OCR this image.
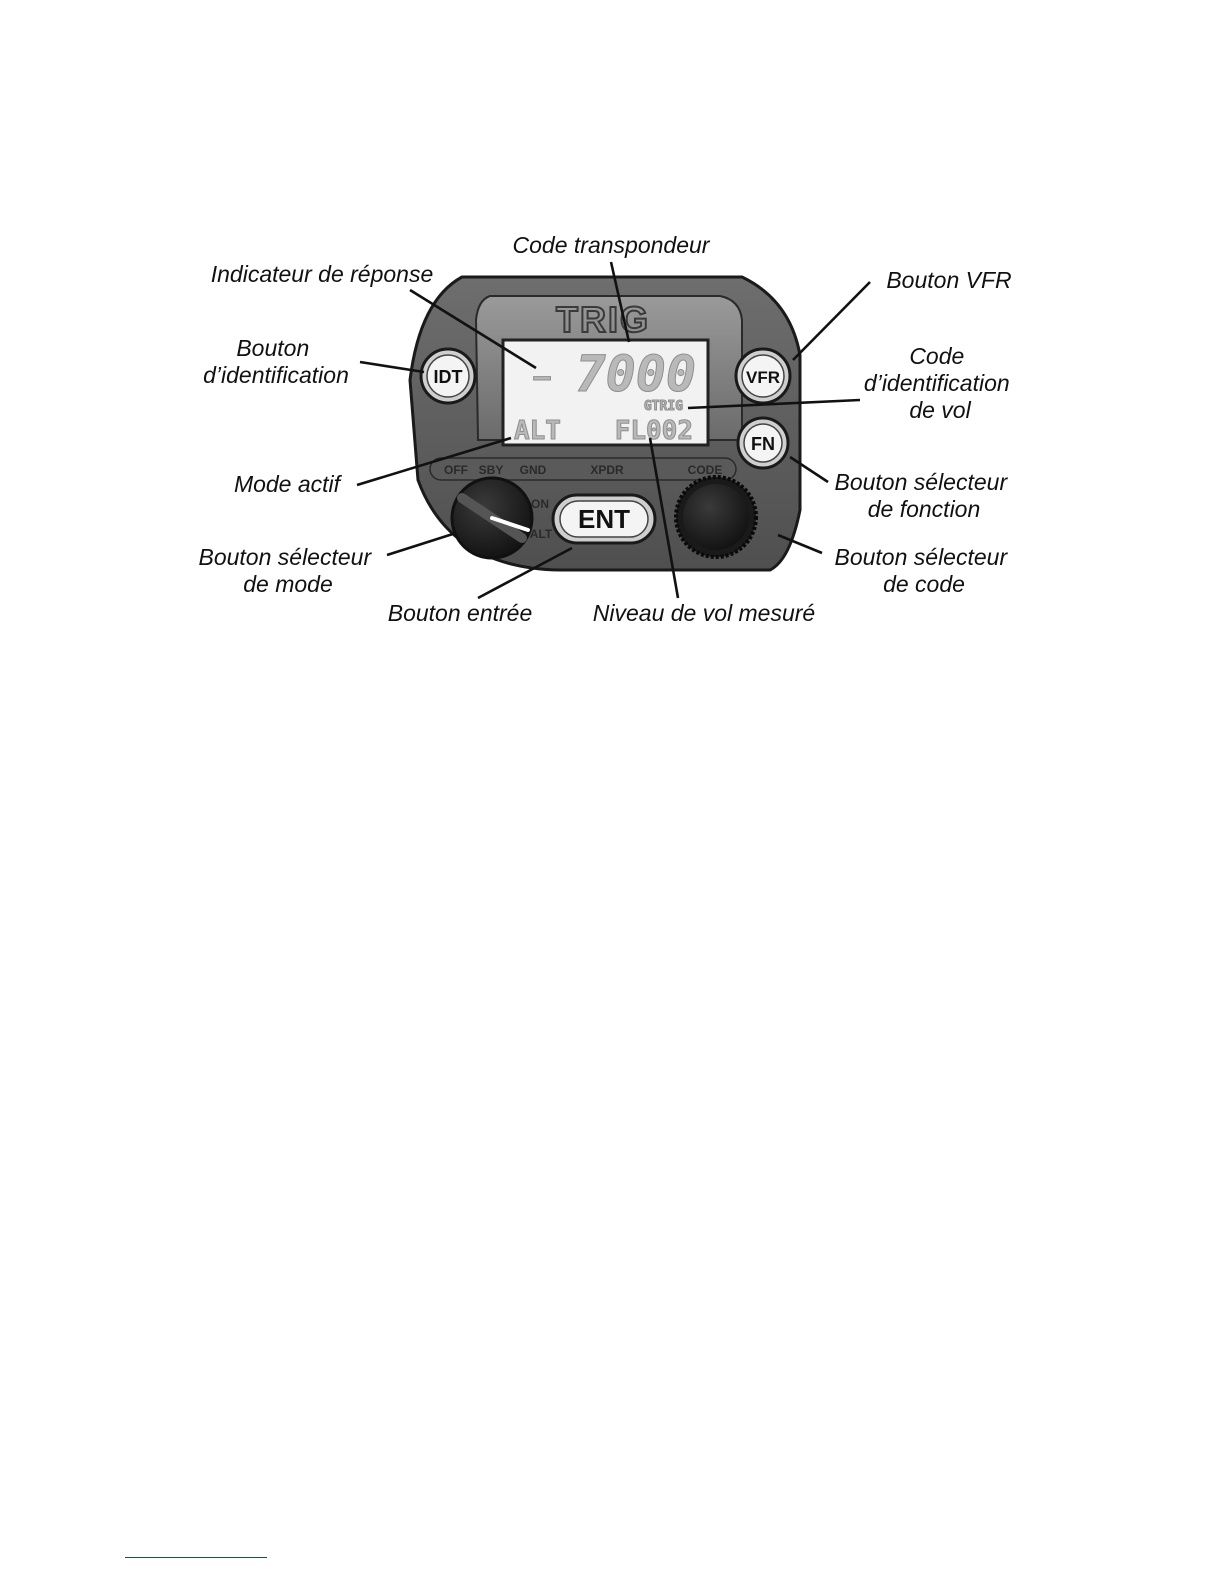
TRIG
– 7000
GTRIG
ALT FL002
IDT	VFR
FN
OFF SBY GND	XPDR	CODE
ON
ALT ENT
Code transpondeur
Indicateur de réponse	Bouton VFR
Bouton d’identification
Code d’identification de vol
Mode actif	Bouton sélecteur de fonction
Bouton sélecteur de mode
Bouton sélecteur de code
Bouton entrée	Niveau de vol mesuré
